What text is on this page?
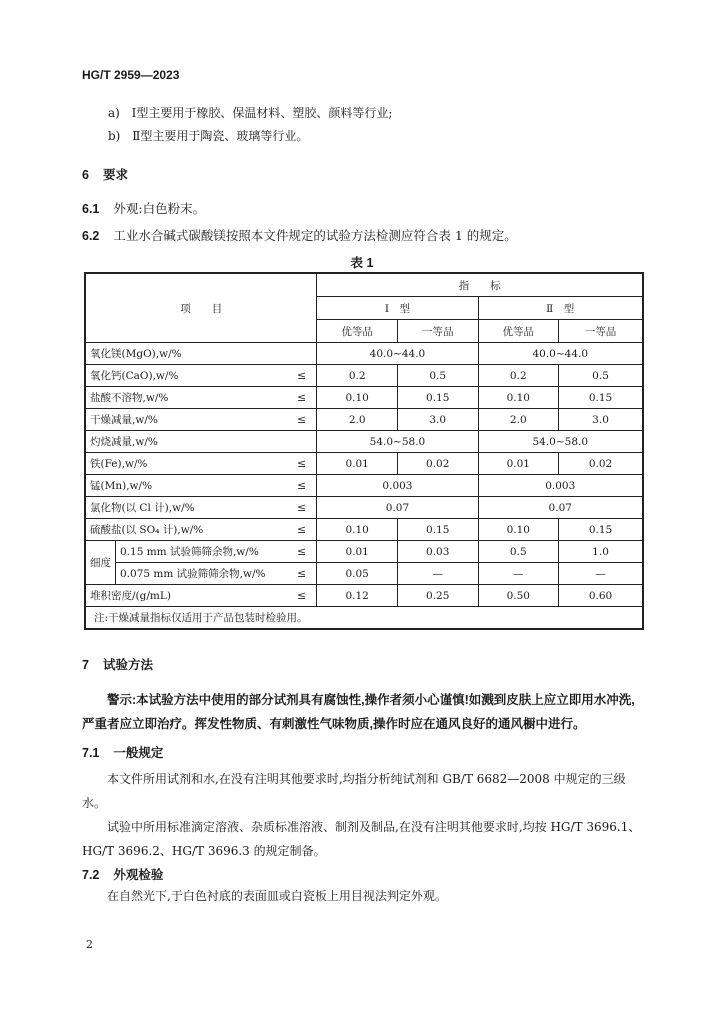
HG/T 2959—2023
a) Ⅰ型主要用于橡胶、保温材料、塑胶、颜料等行业;
b) Ⅱ型主要用于陶瓷、玻璃等行业。
6 要求
6.1 外观:白色粉末。
6.2 工业水合碱式碳酸镁按照本文件规定的试验方法检测应符合表 1 的规定。
表 1
项　　目			指　　标			
			Ⅰ　型		Ⅱ　型	
			优等品	一等品	优等品	一等品
氧化镁(MgO),w/%			40.0~44.0		40.0~44.0	
氧化钙(CaO),w/%		≤	0.2	0.5	0.2	0.5
盐酸不溶物,w/%		≤	0.10	0.15	0.10	0.15
干燥减量,w/%		≤	2.0	3.0	2.0	3.0
灼烧减量,w/%			54.0~58.0		54.0~58.0	
铁(Fe),w/%		≤	0.01	0.02	0.01	0.02
锰(Mn),w/%		≤	0.003		0.003	
氯化物(以 Cl 计),w/%		≤	0.07		0.07	
硫酸盐(以 SO₄ 计),w/%		≤	0.10	0.15	0.10	0.15
细度	0.15 mm 试验筛筛余物,w/%	≤	0.01	0.03	0.5	1.0
	0.075 mm 试验筛筛余物,w/%	≤	0.05	—	—	—
堆积密度/(g/mL)		≤	0.12	0.25	0.50	0.60
注:干燥减量指标仅适用于产品包装时检验用。						
7 试验方法
警示:本试验方法中使用的部分试剂具有腐蚀性,操作者须小心谨慎!如溅到皮肤上应立即用水冲洗,严重者应立即治疗。挥发性物质、有刺激性气味物质,操作时应在通风良好的通风橱中进行。
7.1 一般规定
本文件所用试剂和水,在没有注明其他要求时,均指分析纯试剂和 GB/T 6682—2008 中规定的三级水。
试验中所用标准滴定溶液、杂质标准溶液、制剂及制品,在没有注明其他要求时,均按 HG/T 3696.1、HG/T 3696.2、HG/T 3696.3 的规定制备。
7.2 外观检验
在自然光下,于白色衬底的表面皿或白瓷板上用目视法判定外观。
2
